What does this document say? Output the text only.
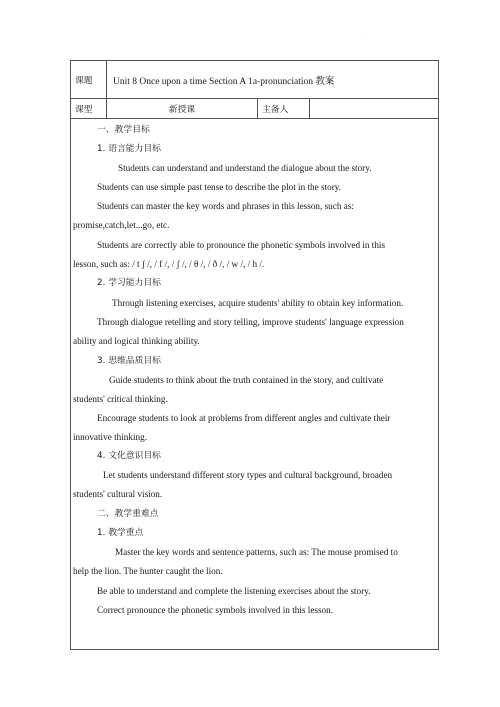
.
课题	Unit 8 Once upon a time Section A 1a-pronunciation 教案
课型	新授课	主备人
一、教学目标
1. 语言能力目标
Students can understand and understand the dialogue about the story.
Students can use simple past tense to describe the plot in the story.
Students can master the key words and phrases in this lesson, such as:
promise,catch,let...go, etc.
Students are correctly able to pronounce the phonetic symbols involved in this
lesson, such as: / t ʃ /, / f /, / ʃ /, / θ /, / ð /, / w /, / h /.
2. 学习能力目标
Through listening exercises, acquire students' ability to obtain key information.
Through dialogue retelling and story telling, improve students' language expression
ability and logical thinking ability.
3. 思维品质目标
Guide students to think about the truth contained in the story, and cultivate
students' critical thinking.
Encourage students to look at problems from different angles and cultivate their
innovative thinking.
4. 文化意识目标
Let students understand different story types and cultural background, broaden
students' cultural vision.
二、教学重难点
1. 教学重点
Master the key words and sentence patterns, such as: The mouse promised to
help the lion. The hunter caught the lion.
Be able to understand and complete the listening exercises about the story.
Correct pronounce the phonetic symbols involved in this lesson.
